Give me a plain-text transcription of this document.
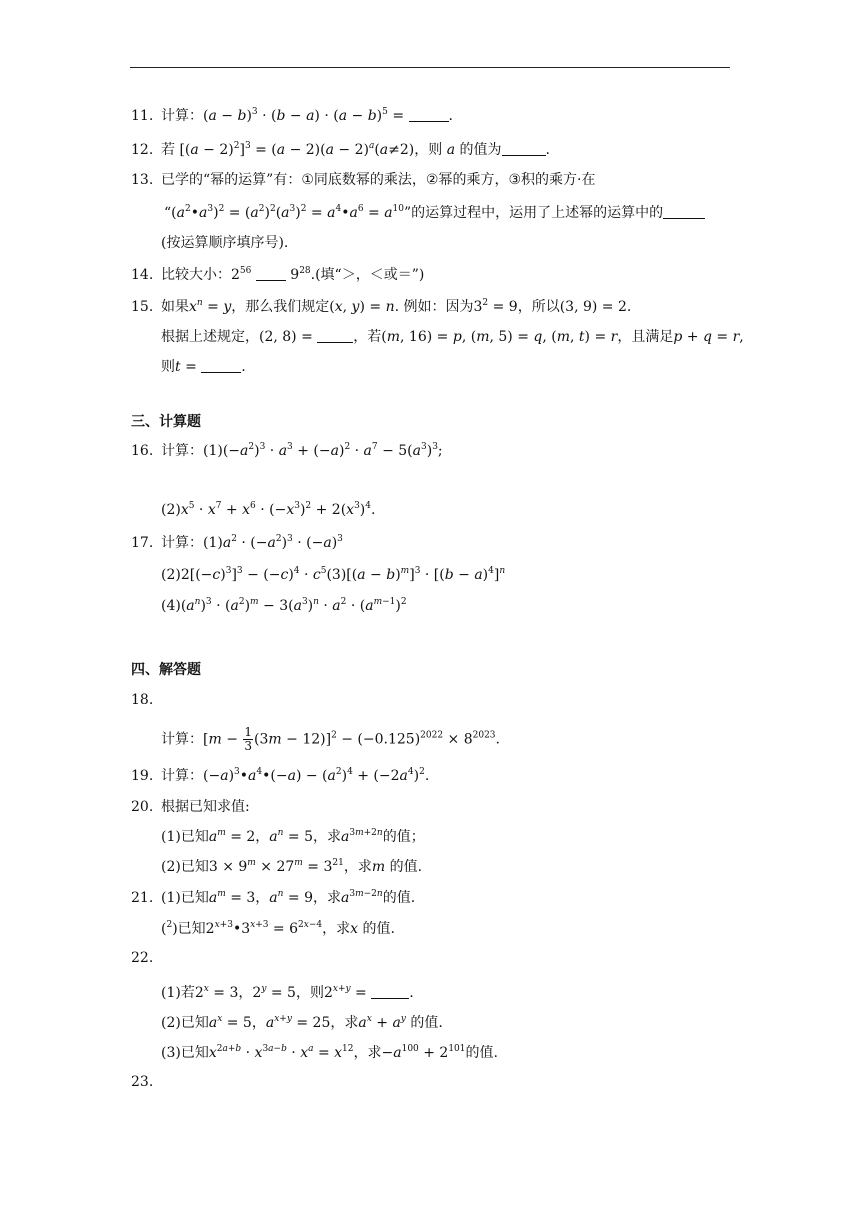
11. 计算：$(a - b)^3 \cdot (b - a) \cdot (a - b)^5$ =	.
12. 若 $[(a - 2)^2]^3 = (a - 2)(a - 2)^a(a\ne 2)$，则 a 的值为	.
13. 已学的“幂的运算”有：①同底数幂的乘法，②幂的乘方，③积的乘方·在
“$(a^2•a^3)^2 = (a^2)^2(a^3)^2$ = $a^4•a^6 = a^{10}$”的运算过程中，运用了上述幂的运算中的
(按运算顺序填序号).
14. 比较大小：$2^{56}$  $9^{28}$.(填“＞，＜或＝”)
15. 如果$x^n = y$，那么我们规定(x, y) = n. 例如：因为$3^2 = 9$，所以(3, 9) = 2.
根据上述规定，(2, 8) =	，若(m, 16) = p, (m, 5) = q, (m, t) = r，且满足p + q = r,
则t =	.
三、计算题
16. 计算：$(1)(-a^2)^3 \cdot a^3 + (-a)^2 \cdot a^7 - 5(a^3)^3$;
$(2)x^5 \cdot x^7 + x^6 \cdot (-x^3)^2 + 2(x^3)^4$.
17. 计算：$(1)a^2 \cdot (-a^2)^3 \cdot (-a)^3$
$(2)2[(-c)^3]^3 - (-c)^4 \cdot c^5(3)[(a - b)^m]^3 \cdot [(b - a)^4]^n$
$(4)(a^n)^3 \cdot (a^2)^m - 3(a^3)^n \cdot a^2 \cdot (a^{m-1})^2$
四、解答题
18.
计算：$[m - \frac{1}{3} (3m - 12)]^2 - (-0.125)^{2022} \times 8^{2023}$.
19. 计算：$(-a)^3•a^4•(-a) - (a^2)^4 + (-2a^4)^2$.
20. 根据已知求值:
(1)已知$a^m = 2$，$a^n = 5$，求$a^{3m+2n}$的值；
(2)已知$3 \times 9^m \times 27^m = 3^{21}$，求m 的值.
21. (1)已知$a^m = 3$，$a^n = 9$，求$a^{3m-2n}$的值.
($^2$)已知$2^{x+3}•3^{x+3} = 6^{2x-4}$，求x 的值.
22.
(1)若$2^x = 3$，$2^y = 5$，则$2^{x+y}$ =	.
(2)已知$a^x = 5$，$a^{x+y} = 25$，求$a^x + a^y$ 的值.
(3)已知$x^{2a+b} \cdot x^{3a-b} \cdot x^a = x^{12}$，求$-a^{100} + 2^{101}$的值.
23.
